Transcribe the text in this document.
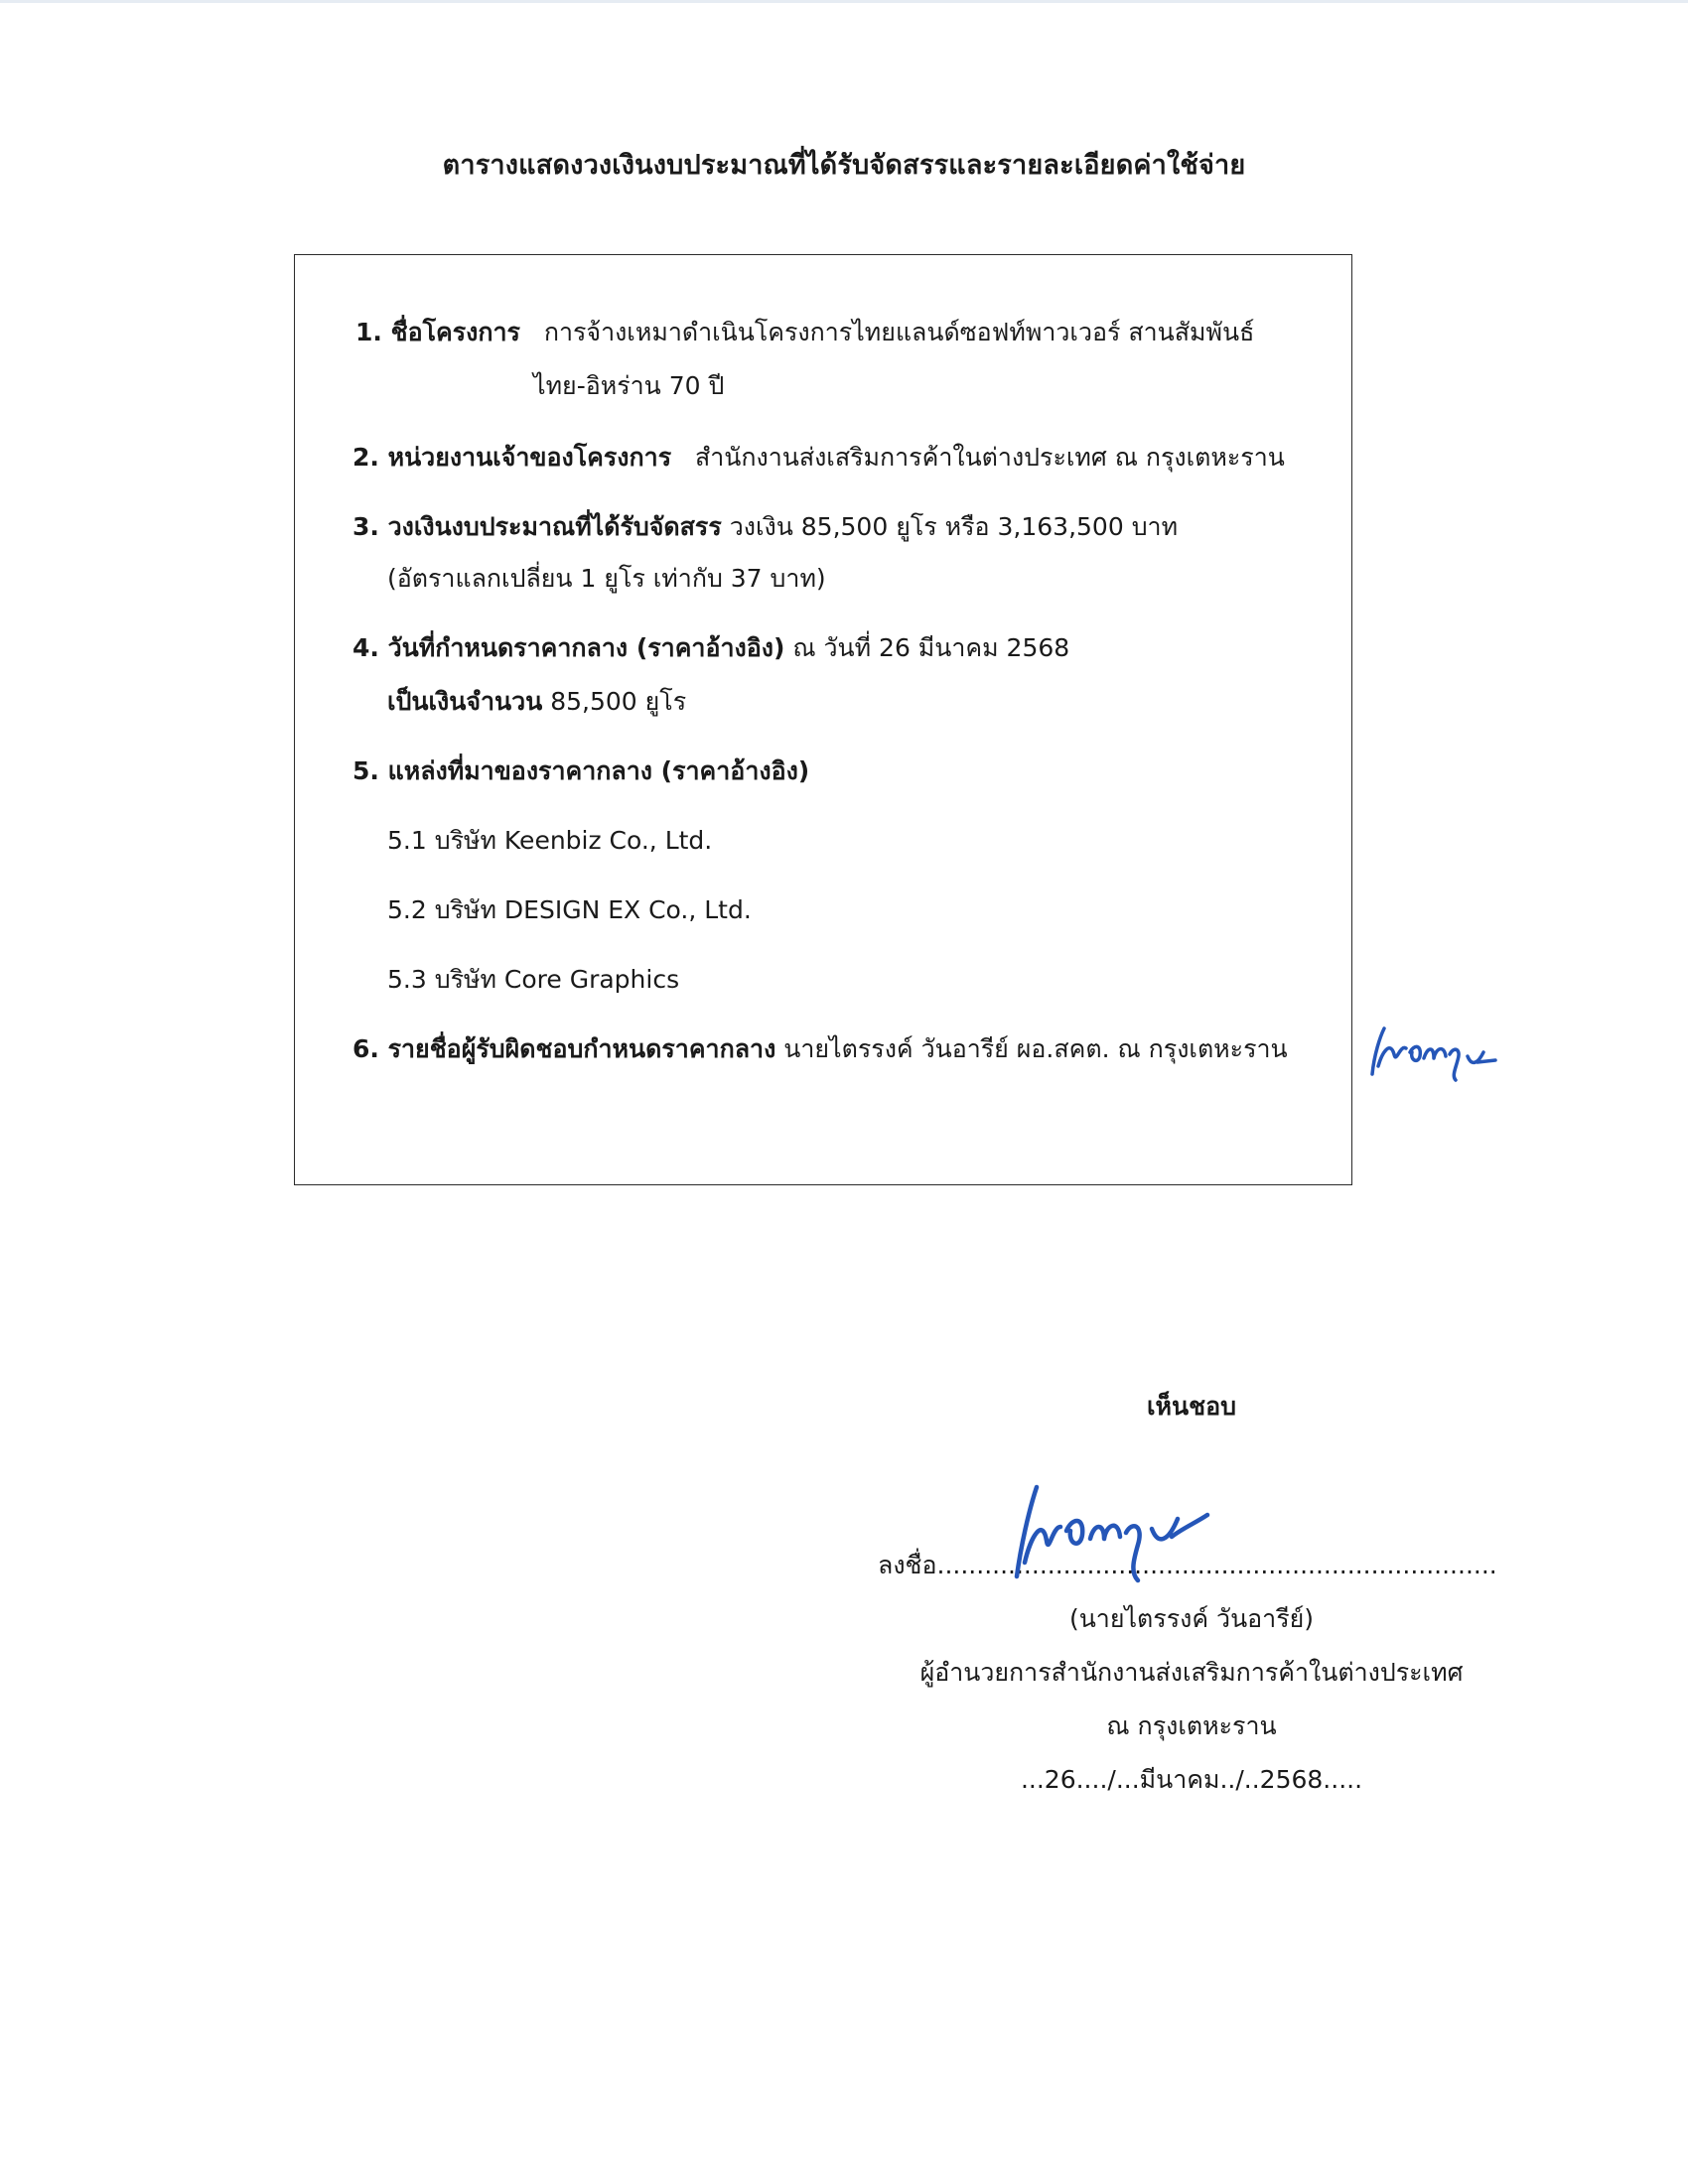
ตารางแสดงวงเงินงบประมาณที่ได้รับจัดสรรและรายละเอียดค่าใช้จ่าย
1. ชื่อโครงการ การจ้างเหมาดำเนินโครงการไทยแลนด์ซอฟท์พาวเวอร์ สานสัมพันธ์
ไทย-อิหร่าน 70 ปี
2. หน่วยงานเจ้าของโครงการ สำนักงานส่งเสริมการค้าในต่างประเทศ ณ กรุงเตหะราน
3. วงเงินงบประมาณที่ได้รับจัดสรร วงเงิน 85,500 ยูโร หรือ 3,163,500 บาท
(อัตราแลกเปลี่ยน 1 ยูโร เท่ากับ 37 บาท)
4. วันที่กำหนดราคากลาง (ราคาอ้างอิง) ณ วันที่ 26 มีนาคม 2568
เป็นเงินจำนวน 85,500 ยูโร
5. แหล่งที่มาของราคากลาง (ราคาอ้างอิง)
5.1 บริษัท Keenbiz Co., Ltd.
5.2 บริษัท DESIGN EX Co., Ltd.
5.3 บริษัท Core Graphics
6. รายชื่อผู้รับผิดชอบกำหนดราคากลาง นายไตรรงค์ วันอารีย์ ผอ.สคต. ณ กรุงเตหะราน
เห็นชอบ
ลงชื่อ.......................................................................
(นายไตรรงค์ วันอารีย์)
ผู้อำนวยการสำนักงานส่งเสริมการค้าในต่างประเทศ
ณ กรุงเตหะราน
...26..../...มีนาคม../..2568.....
